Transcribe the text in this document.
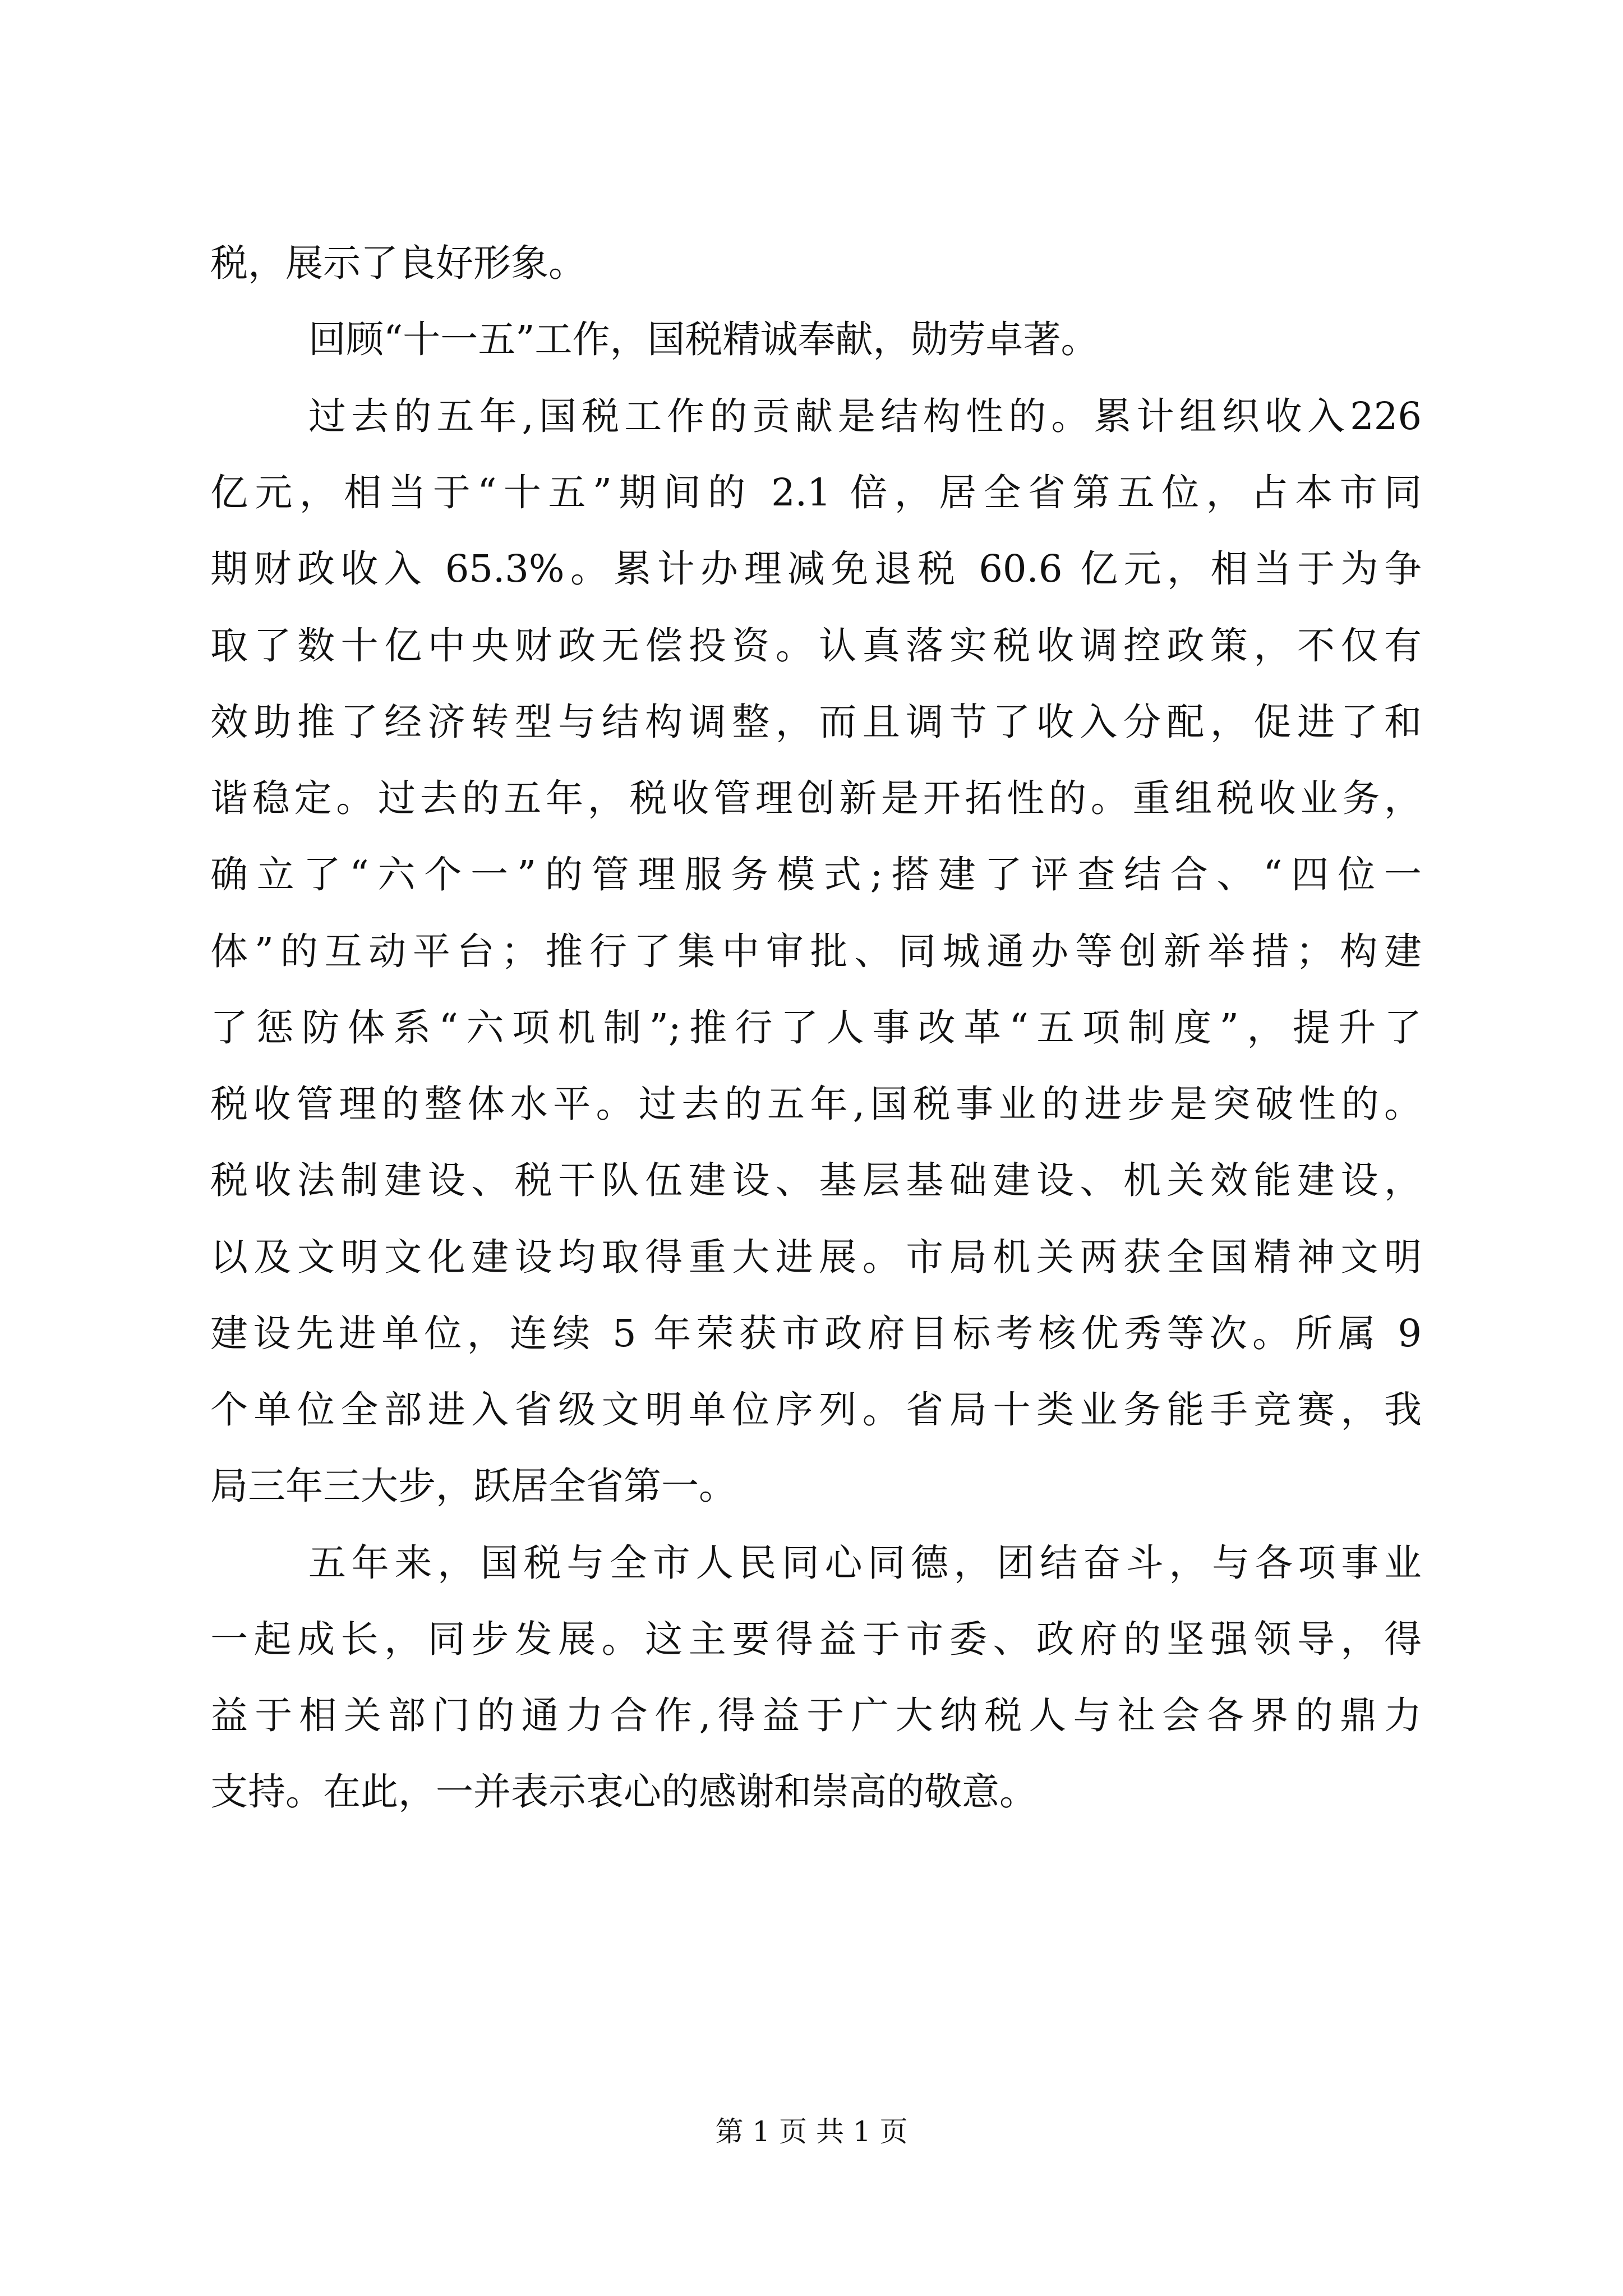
税，展示了良好形象。
回顾“十一五”工作，国税精诚奉献，勋劳卓著。
过去的五年,国税工作的贡献是结构性的。累计组织收入226
亿元，相当于“十五”期间的 2.1 倍，居全省第五位，占本市同
期财政收入 65.3%。累计办理减免退税 60.6 亿元，相当于为争
取了数十亿中央财政无偿投资。认真落实税收调控政策，不仅有
效助推了经济转型与结构调整，而且调节了收入分配，促进了和
谐稳定。过去的五年，税收管理创新是开拓性的。重组税收业务，
确立了“六个一”的管理服务模式;搭建了评查结合、“四位一
体”的互动平台；推行了集中审批、同城通办等创新举措；构建
了惩防体系“六项机制”;推行了人事改革“五项制度”，提升了
税收管理的整体水平。过去的五年,国税事业的进步是突破性的。
税收法制建设、税干队伍建设、基层基础建设、机关效能建设，
以及文明文化建设均取得重大进展。市局机关两获全国精神文明
建设先进单位，连续 5 年荣获市政府目标考核优秀等次。所属 9
个单位全部进入省级文明单位序列。省局十类业务能手竞赛，我
局三年三大步，跃居全省第一。
五年来，国税与全市人民同心同德，团结奋斗，与各项事业
一起成长，同步发展。这主要得益于市委、政府的坚强领导，得
益于相关部门的通力合作,得益于广大纳税人与社会各界的鼎力
支持。在此，一并表示衷心的感谢和崇高的敬意。
第 1 页 共 1 页
